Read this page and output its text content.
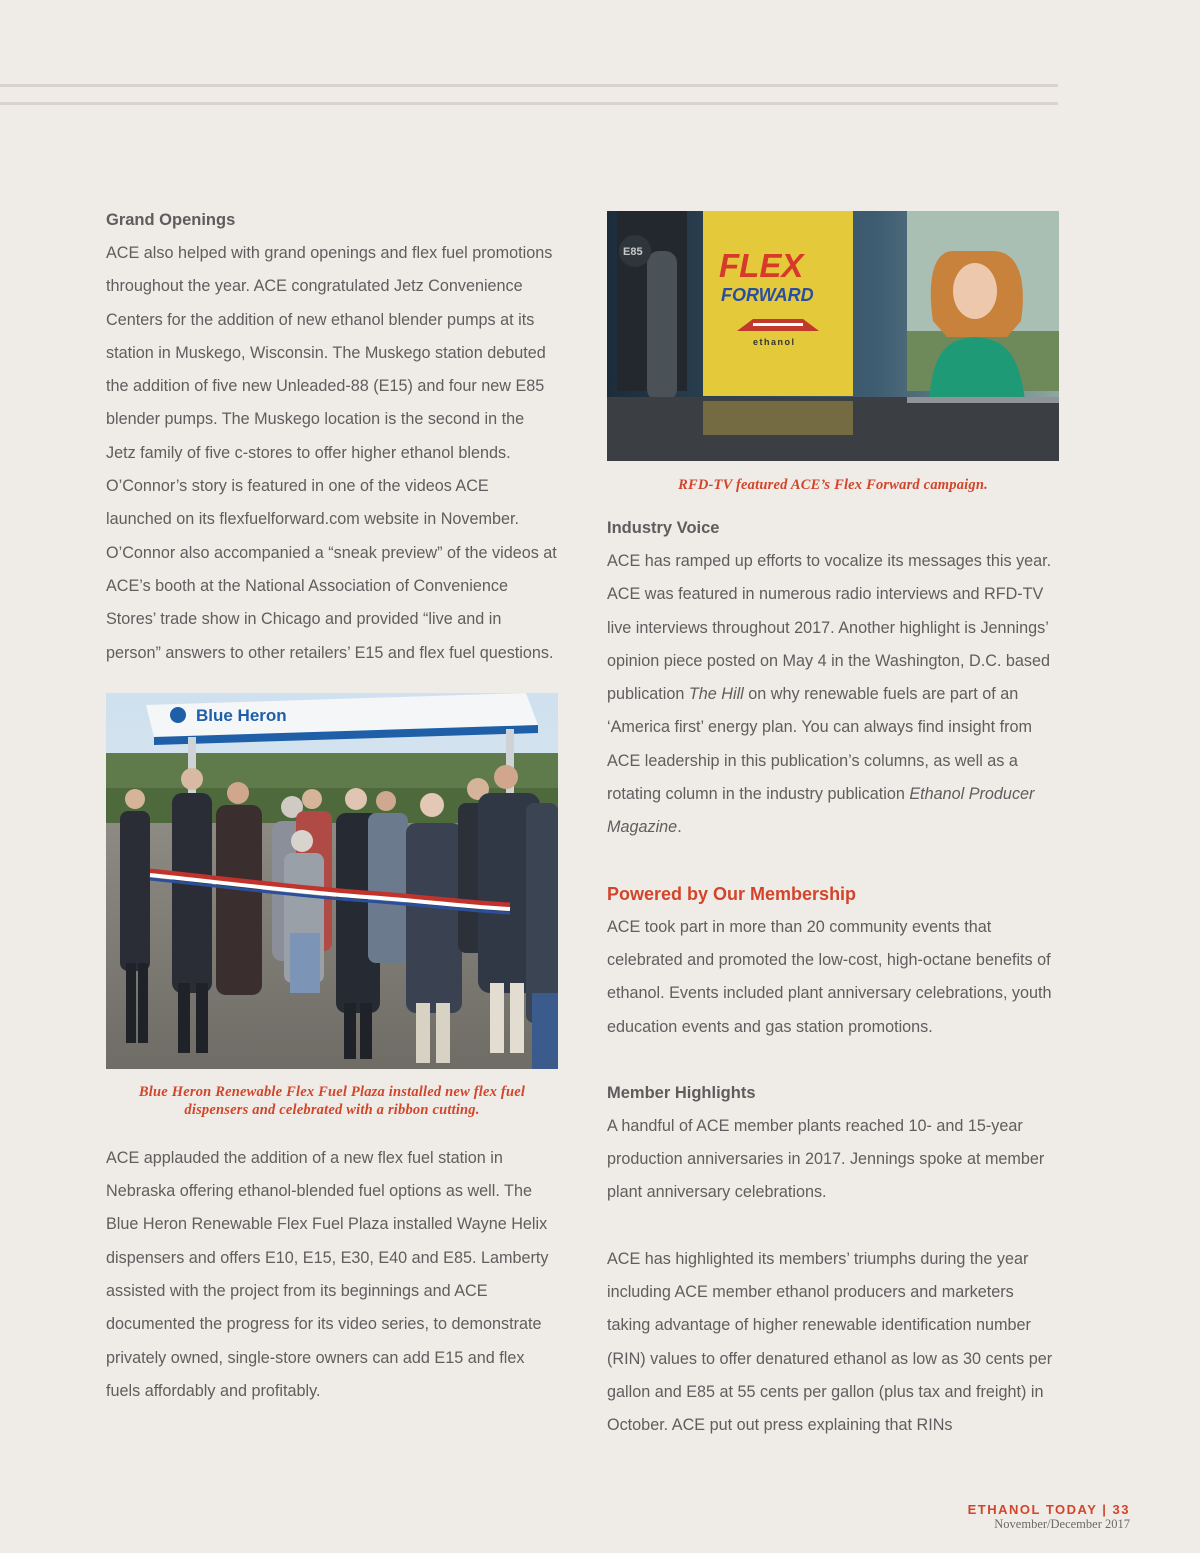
Grand Openings

ACE also helped with grand openings and flex fuel promotions throughout the year. ACE congratulated Jetz Convenience Centers for the addition of new ethanol blender pumps at its station in Muskego, Wisconsin. The Muskego station debuted the addition of five new Unleaded-88 (E15) and four new E85 blender pumps. The Muskego location is the second in the Jetz family of five c-stores to offer higher ethanol blends. O’Connor’s story is featured in one of the videos ACE launched on its flexfuelforward.com website in November. O’Connor also accompanied a “sneak preview” of the videos at ACE’s booth at the National Association of Convenience Stores’ trade show in Chicago and provided “live and in person” answers to other retailers’ E15 and flex fuel questions.

Blue Heron

Blue Heron Renewable Flex Fuel Plaza installed new flex fuel dispensers and celebrated with a ribbon cutting.

ACE applauded the addition of a new flex fuel station in Nebraska offering ethanol-blended fuel options as well. The Blue Heron Renewable Flex Fuel Plaza installed Wayne Helix dispensers and offers E10, E15, E30, E40 and E85. Lamberty assisted with the project from its beginnings and ACE documented the progress for its video series, to demonstrate privately owned, single-store owners can add E15 and flex fuels affordably and profitably.

E85 FLEX
FORWARD
ethanol

RFD-TV featured ACE’s Flex Forward campaign.

Industry Voice

ACE has ramped up efforts to vocalize its messages this year. ACE was featured in numerous radio interviews and RFD-TV live interviews throughout 2017. Another highlight is Jennings’ opinion piece posted on May 4 in the Washington, D.C. based publication The Hill on why renewable fuels are part of an ‘America first’ energy plan. You can always find insight from ACE leadership in this publication’s columns, as well as a rotating column in the industry publication Ethanol Producer Magazine.

Powered by Our Membership

ACE took part in more than 20 community events that celebrated and promoted the low-cost, high-octane benefits of ethanol. Events included plant anniversary celebrations, youth education events and gas station promotions.

Member Highlights

A handful of ACE member plants reached 10- and 15-year production anniversaries in 2017. Jennings spoke at member plant anniversary celebrations.

ACE has highlighted its members’ triumphs during the year including ACE member ethanol producers and marketers taking advantage of higher renewable identification number (RIN) values to offer denatured ethanol as low as 30 cents per gallon and E85 at 55 cents per gallon (plus tax and freight) in October. ACE put out press explaining that RINs

ETHANOL TODAY | 33
November/December 2017
